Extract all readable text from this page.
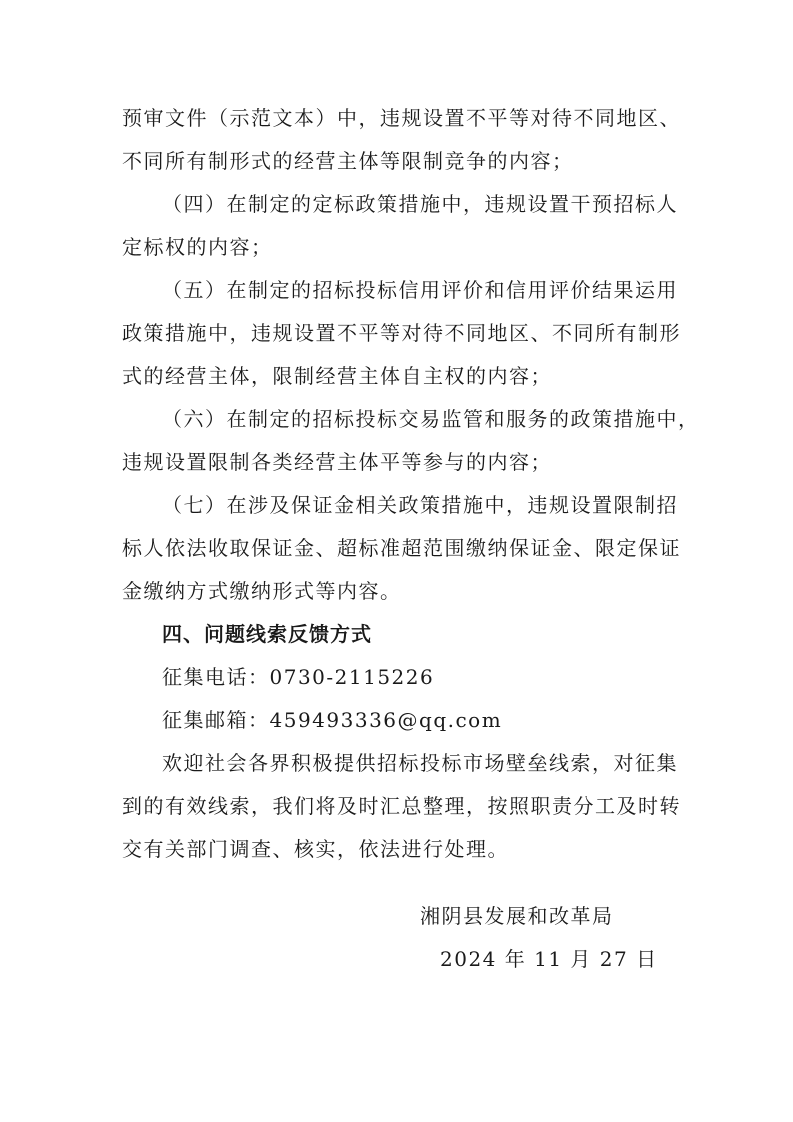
预审文件（示范文本）中，违规设置不平等对待不同地区、
不同所有制形式的经营主体等限制竞争的内容；
（四）在制定的定标政策措施中，违规设置干预招标人
定标权的内容；
（五）在制定的招标投标信用评价和信用评价结果运用
政策措施中，违规设置不平等对待不同地区、不同所有制形
式的经营主体，限制经营主体自主权的内容；
（六）在制定的招标投标交易监管和服务的政策措施中，
违规设置限制各类经营主体平等参与的内容；
（七）在涉及保证金相关政策措施中，违规设置限制招
标人依法收取保证金、超标准超范围缴纳保证金、限定保证
金缴纳方式缴纳形式等内容。
四、问题线索反馈方式
征集电话：0730-2115226
征集邮箱：459493336@qq.com
欢迎社会各界积极提供招标投标市场壁垒线索，对征集
到的有效线索，我们将及时汇总整理，按照职责分工及时转
交有关部门调查、核实，依法进行处理。
湘阴县发展和改革局
2024 年 11 月 27 日
